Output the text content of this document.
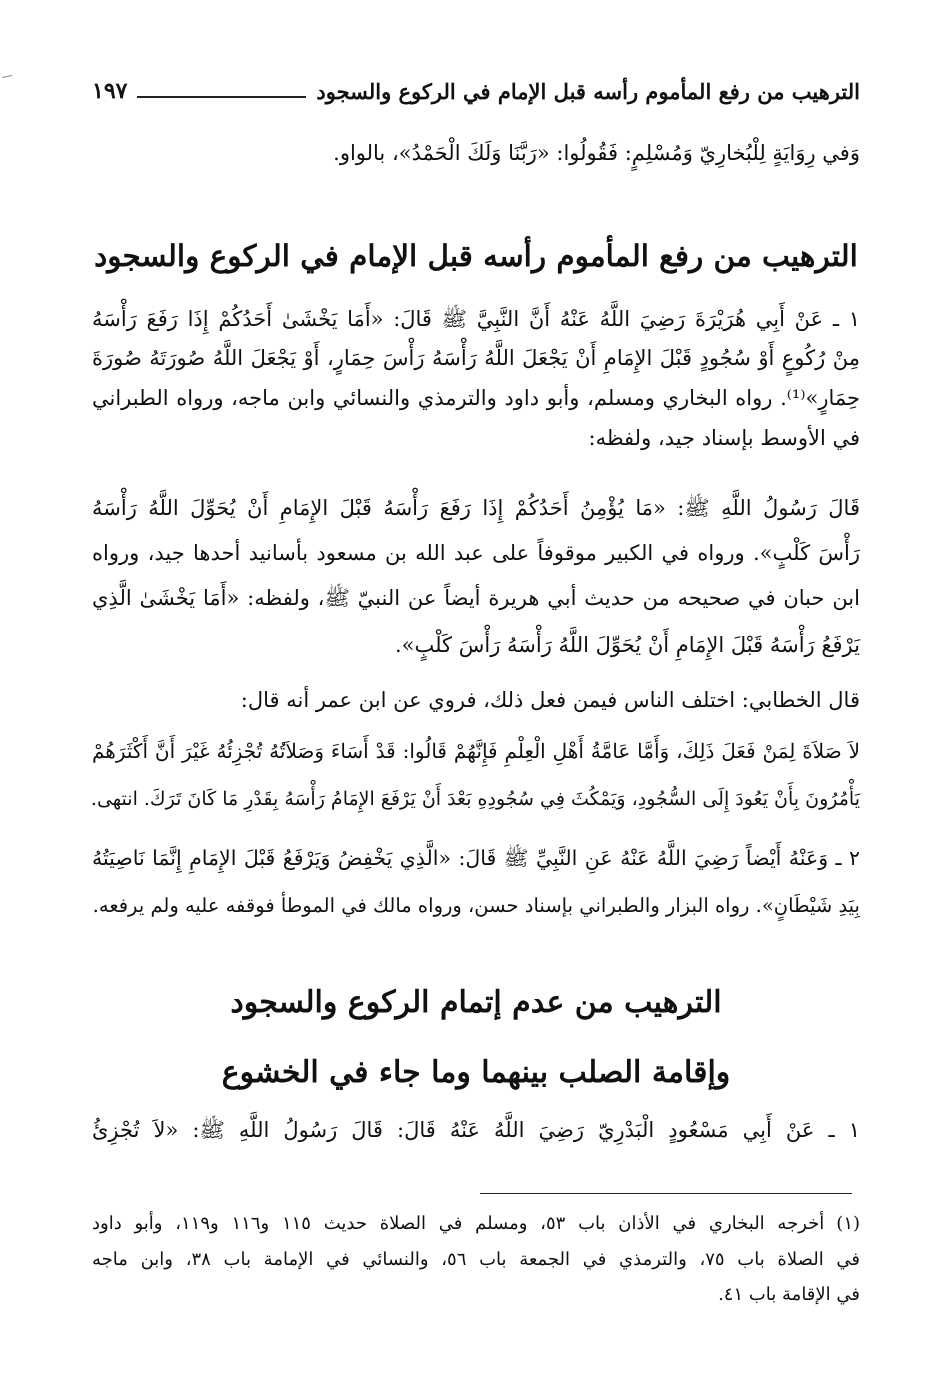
الترهيب من رفع المأموم رأسه قبل الإمام في الركوع والسجود
١٩٧
وَفي رِوَايَةٍ لِلْبُخارِيّ وَمُسْلِمٍ: فَقُولُوا: «رَبَّنَا وَلَكَ الْحَمْدُ»، بالواو.
الترهيب من رفع المأموم رأسه قبل الإمام في الركوع والسجود
١ ـ عَنْ أَبِي هُرَيْرَةَ رَضِيَ اللَّهُ عَنْهُ أَنَّ النَّبِيَّ ﷺ قَالَ: «أَمَا يَخْشَىٰ أَحَدُكُمْ إِذَا رَفَعَ رَأْسَهُ
مِنْ رُكُوعٍ أَوْ سُجُودٍ قَبْلَ الإِمَامِ أَنْ يَجْعَلَ اللَّهُ رَأْسَهُ رَأْسَ حِمَارٍ، أَوْ يَجْعَلَ اللَّهُ صُورَتَهُ صُورَةَ
حِمَارٍ»⁽¹⁾. رواه البخاري ومسلم، وأبو داود والترمذي والنسائي وابن ماجه، ورواه الطبراني
في الأوسط بإسناد جيد، ولفظه:
قَالَ رَسُولُ اللَّهِ ﷺ: «مَا يُؤْمِنُ أَحَدُكُمْ إِذَا رَفَعَ رَأْسَهُ قَبْلَ الإِمَامِ أَنْ يُحَوِّلَ اللَّهُ رَأْسَهُ
رَأْسَ كَلْبٍ». ورواه في الكبير موقوفاً على عبد الله بن مسعود بأسانيد أحدها جيد، ورواه
ابن حبان في صحيحه من حديث أبي هريرة أيضاً عن النبيّ ﷺ، ولفظه: «أَمَا يَخْشَىٰ الَّذِي
يَرْفَعُ رَأْسَهُ قَبْلَ الإِمَامِ أَنْ يُحَوِّلَ اللَّهُ رَأْسَهُ رَأْسَ كَلْبٍ».
قال الخطابي: اختلف الناس فيمن فعل ذلك، فروي عن ابن عمر أنه قال:
لاَ صَلاَةَ لِمَنْ فَعَلَ ذَلِكَ، وَأَمَّا عَامَّةُ أَهْلِ الْعِلْمِ فَإِنَّهُمْ قَالُوا: قَدْ أَسَاءَ وَصَلاَتُهُ تُجْزِئُهُ غَيْرَ أَنَّ أَكْثَرَهُمْ
يَأْمُرُونَ بِأَنْ يَعُودَ إِلَى السُّجُودِ، وَيَمْكُثَ فِي سُجُودِهِ بَعْدَ أَنْ يَرْفَعَ الإِمَامُ رَأْسَهُ بِقَدْرِ مَا كَانَ تَرَكَ. انتهى.
٢ ـ وَعَنْهُ أَيْضاً رَضِيَ اللَّهُ عَنْهُ عَنِ النَّبِيِّ ﷺ قَالَ: «الَّذِي يَخْفِضُ وَيَرْفَعُ قَبْلَ الإِمَامِ إِنَّمَا نَاصِيَتُهُ
بِيَدِ شَيْطَانٍ». رواه البزار والطبراني بإسناد حسن، ورواه مالك في الموطأ فوقفه عليه ولم يرفعه.
الترهيب من عدم إتمام الركوع والسجود
وإقامة الصلب بينهما وما جاء في الخشوع
١ ـ عَنْ أَبِي مَسْعُودٍ الْبَدْرِيّ رَضِيَ اللَّهُ عَنْهُ قَالَ: قَالَ رَسُولُ اللَّهِ ﷺ: «لاَ تُجْزِئُ
(١)أخرجه البخاري في الأذان باب ٥٣، ومسلم في الصلاة حديث ١١٥ و١١٦ و١١٩، وأبو داود
في الصلاة باب ٧٥، والترمذي في الجمعة باب ٥٦، والنسائي في الإمامة باب ٣٨، وابن ماجه
في الإقامة باب ٤١.
